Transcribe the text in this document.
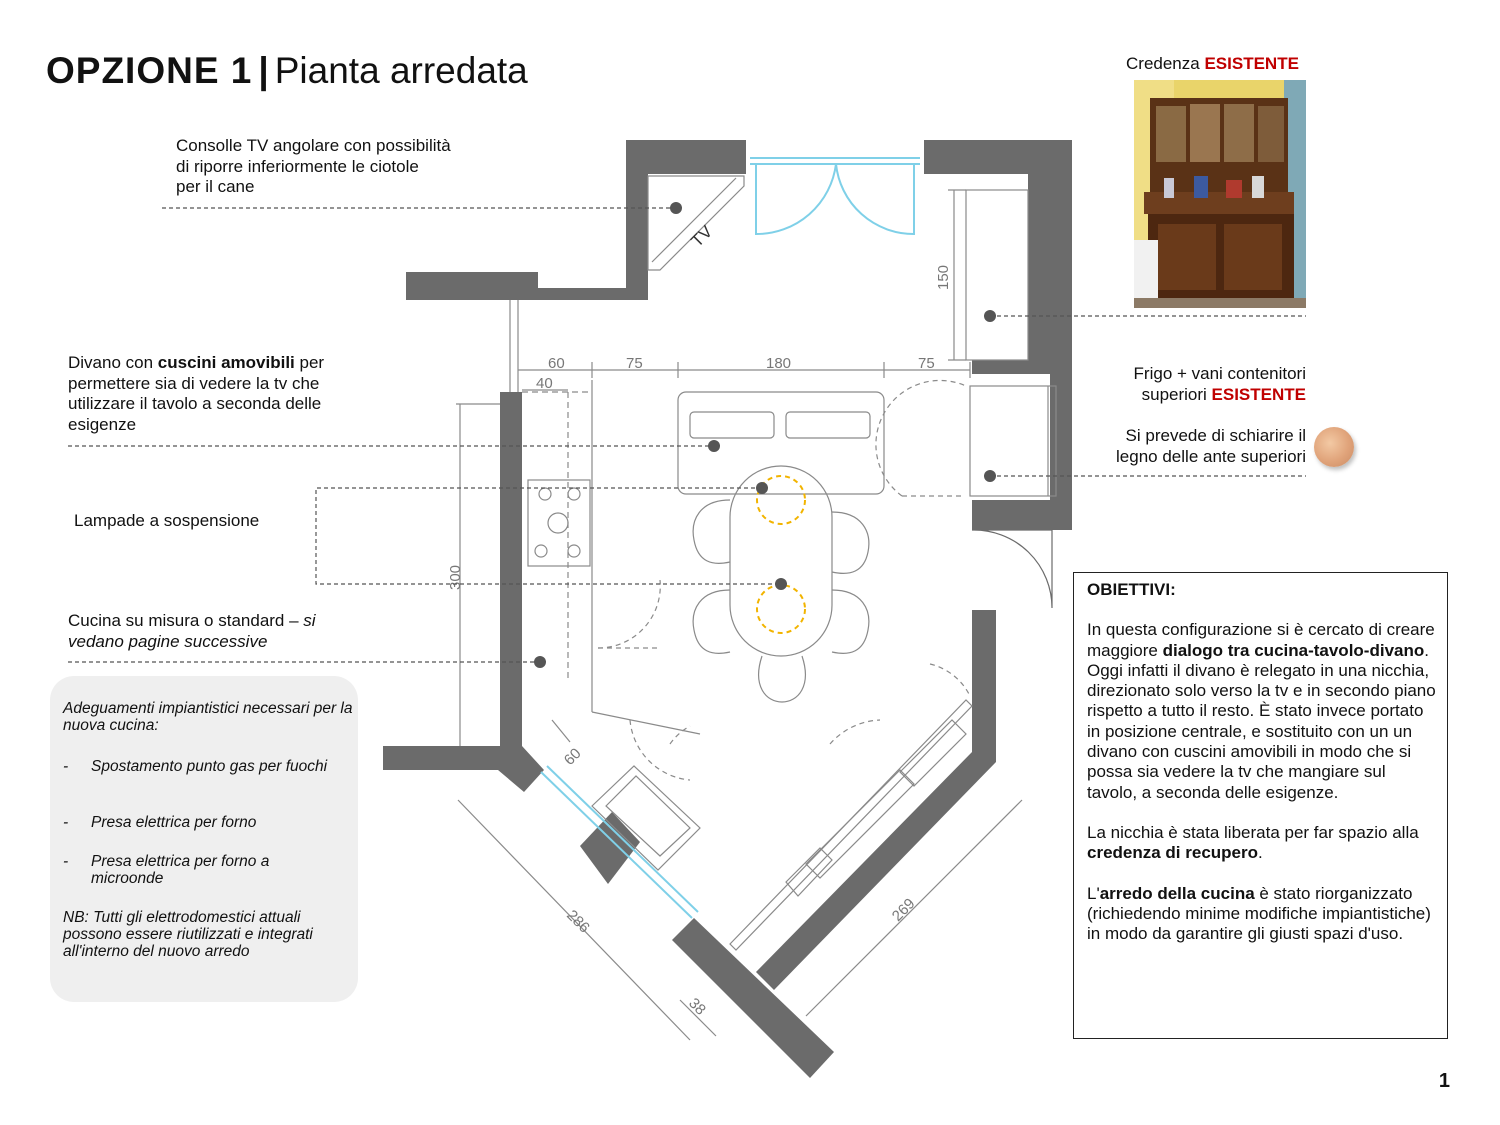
OPZIONE 1 | Pianta arredata	Credenza ESISTENTE
60	75	180	75
40
150
300
60
286	269
38
TV
Consolle TV angolare con possibilità
di riporre inferiormente le ciotole
per il cane
Divano con cuscini amovibili per permettere sia di vedere la tv che utilizzare il tavolo a seconda delle esigenze
Lampade a sospensione
Cucina su misura o standard – si vedano pagine successive
Frigo + vani contenitori
superiori ESISTENTE
Si prevede di schiarire il
legno delle ante superiori
Adeguamenti impiantistici necessari per la nuova cucina:
- Spostamento punto gas per fuochi
- Presa elettrica per forno
- Presa elettrica per forno a microonde
NB: Tutti gli elettrodomestici attuali possono essere riutilizzati e integrati all'interno del nuovo arredo

OBIETTIVI:

In questa configurazione si è cercato di creare maggiore dialogo tra cucina-tavolo-divano. Oggi infatti il divano è relegato in una nicchia, direzionato solo verso la tv e in secondo piano rispetto a tutto il resto. È stato invece portato in posizione centrale, e sostituito con un un divano con cuscini amovibili in modo che si possa sia vedere la tv che mangiare sul tavolo, a seconda delle esigenze.

La nicchia è stata liberata per far spazio alla credenza di recupero.

L'arredo della cucina è stato riorganizzato (richiedendo minime modifiche impiantistiche) in modo da garantire gli giusti spazi d'uso.

1
